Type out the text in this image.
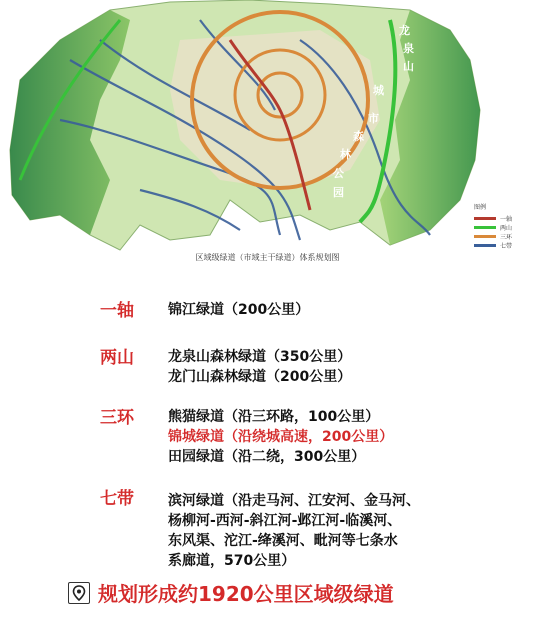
龙
泉
山
城
市
森
林
公
园
区域级绿道（市域主干绿道）体系规划图
图例
一轴
两山
三环
七带
一轴 锦江绿道（200公里）
两山 龙泉山森林绿道（350公里）
龙门山森林绿道（200公里）
三环 熊猫绿道（沿三环路，100公里）
锦城绿道（沿绕城高速，200公里）
田园绿道（沿二绕，300公里）
七带 滨河绿道（沿走马河、江安河、金马河、
杨柳河-西河-斜江河-邺江河-临溪河、
东风渠、沱江-绛溪河、毗河等七条水
系廊道，570公里）
规划形成约1920公里区域级绿道
